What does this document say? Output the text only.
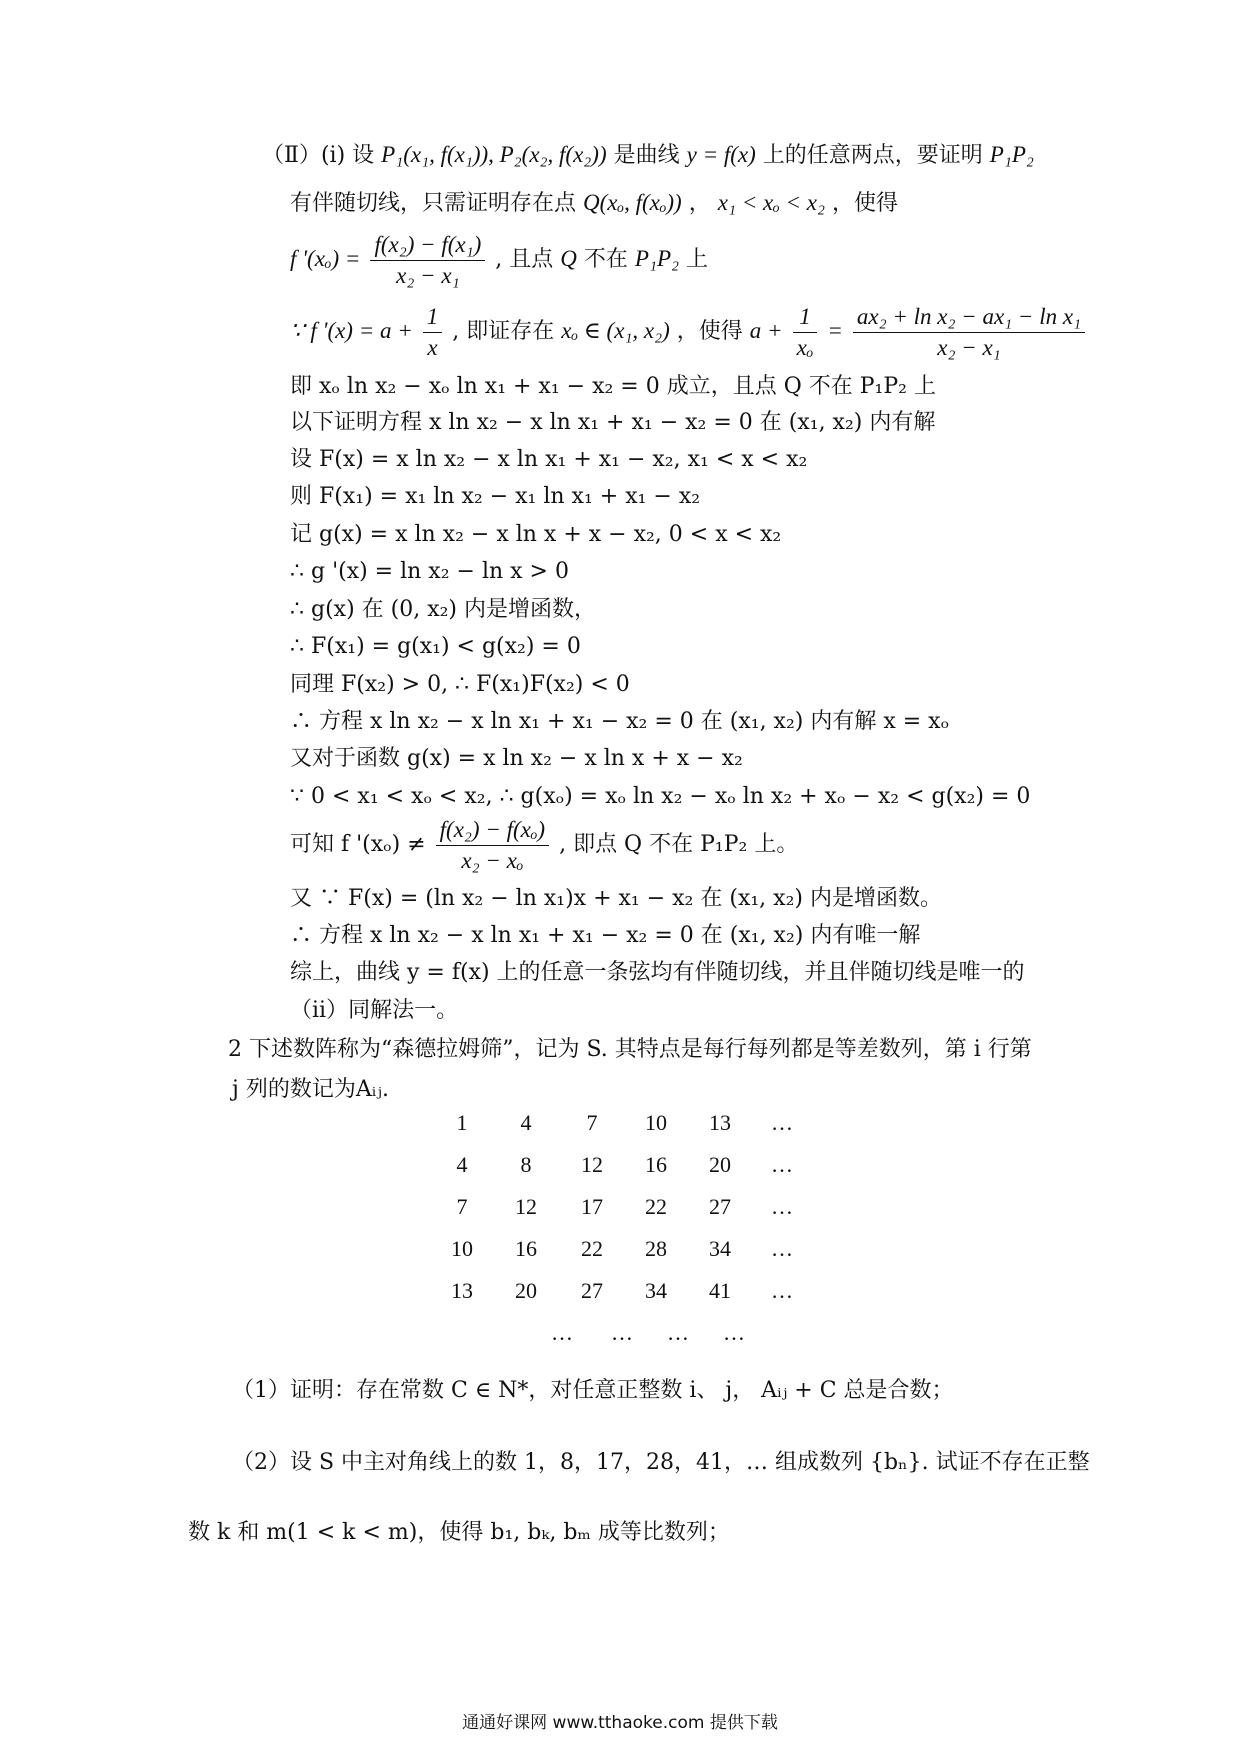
（Ⅱ）(i) 设 P₁(x₁, f(x₁)), P₂(x₂, f(x₂)) 是曲线 y = f(x) 上的任意两点，要证明 P₁P₂
有伴随切线，只需证明存在点 Q(xₒ, f(xₒ)) ， x₁ < xₒ < x₂ ，使得
f '$(x_o) = \frac{\text{f(x₂) − f(x₁)}}{\text{x₂ − x₁}}$ , 且点 Q 不在 P₁P₂ 上
∵ f '$(x) = a + \frac{1}{x}$ , 即证存在 xₒ ∈ (x₁, x₂) ，使得 $a + \frac{1}{\text{xₒ}} = \frac{\text{ax₂ + ln x₂ − ax₁ − ln x₁}}{\text{x₂ − x₁}}$
即 xₒ ln x₂ − xₒ ln x₁ + x₁ − x₂ = 0 成立，且点 Q 不在 P₁P₂ 上
以下证明方程 x ln x₂ − x ln x₁ + x₁ − x₂ = 0 在 (x₁, x₂) 内有解
设 F(x) = x ln x₂ − x ln x₁ + x₁ − x₂, x₁ < x < x₂
则 F(x₁) = x₁ ln x₂ − x₁ ln x₁ + x₁ − x₂
记 g(x) = x ln x₂ − x ln x + x − x₂, 0 < x < x₂
∴ g '(x) = ln x₂ − ln x > 0
∴ g(x) 在 (0, x₂) 内是增函数，
∴ F(x₁) = g(x₁) < g(x₂) = 0
同理 F(x₂) > 0, ∴ F(x₁)F(x₂) < 0
∴ 方程 x ln x₂ − x ln x₁ + x₁ − x₂ = 0 在 (x₁, x₂) 内有解 x = xₒ
又对于函数 g(x) = x ln x₂ − x ln x + x − x₂
∵ 0 < x₁ < xₒ < x₂, ∴ g(xₒ) = xₒ ln x₂ − xₒ ln x₂ + xₒ − x₂ < g(x₂) = 0
可知 f '$(x_o) \ne \frac{\text{f(x₂) − f(xₒ)}}{\text{x₂ − xₒ}}$ , 即点 Q 不在 P₁P₂ 上。
又 ∵ F(x) = (ln x₂ − ln x₁)x + x₁ − x₂ 在 (x₁, x₂) 内是增函数。
∴ 方程 x ln x₂ − x ln x₁ + x₁ − x₂ = 0 在 (x₁, x₂) 内有唯一解
综上，曲线 y = f(x) 上的任意一条弦均有伴随切线，并且伴随切线是唯一的
（ii）同解法一。
2 下述数阵称为“森德拉姆筛”，记为 S. 其特点是每行每列都是等差数列，第 i 行第
j 列的数记为Aᵢⱼ.
1	4	7	10	13	…
4	8	12	16	20	…
7	12	17	22	27	…
10	16	22	28	34	…
13	20	27	34	41	…
…	…	…	…
（1）证明：存在常数 C ∈ N*，对任意正整数 i、 j， Aᵢⱼ + C 总是合数；
（2）设 S 中主对角线上的数 1，8，17，28，41，… 组成数列 {bₙ}. 试证不存在正整
数 k 和 m(1 < k < m)，使得 b₁, bₖ, bₘ 成等比数列；
通通好课网 www.tthaoke.com 提供下载
